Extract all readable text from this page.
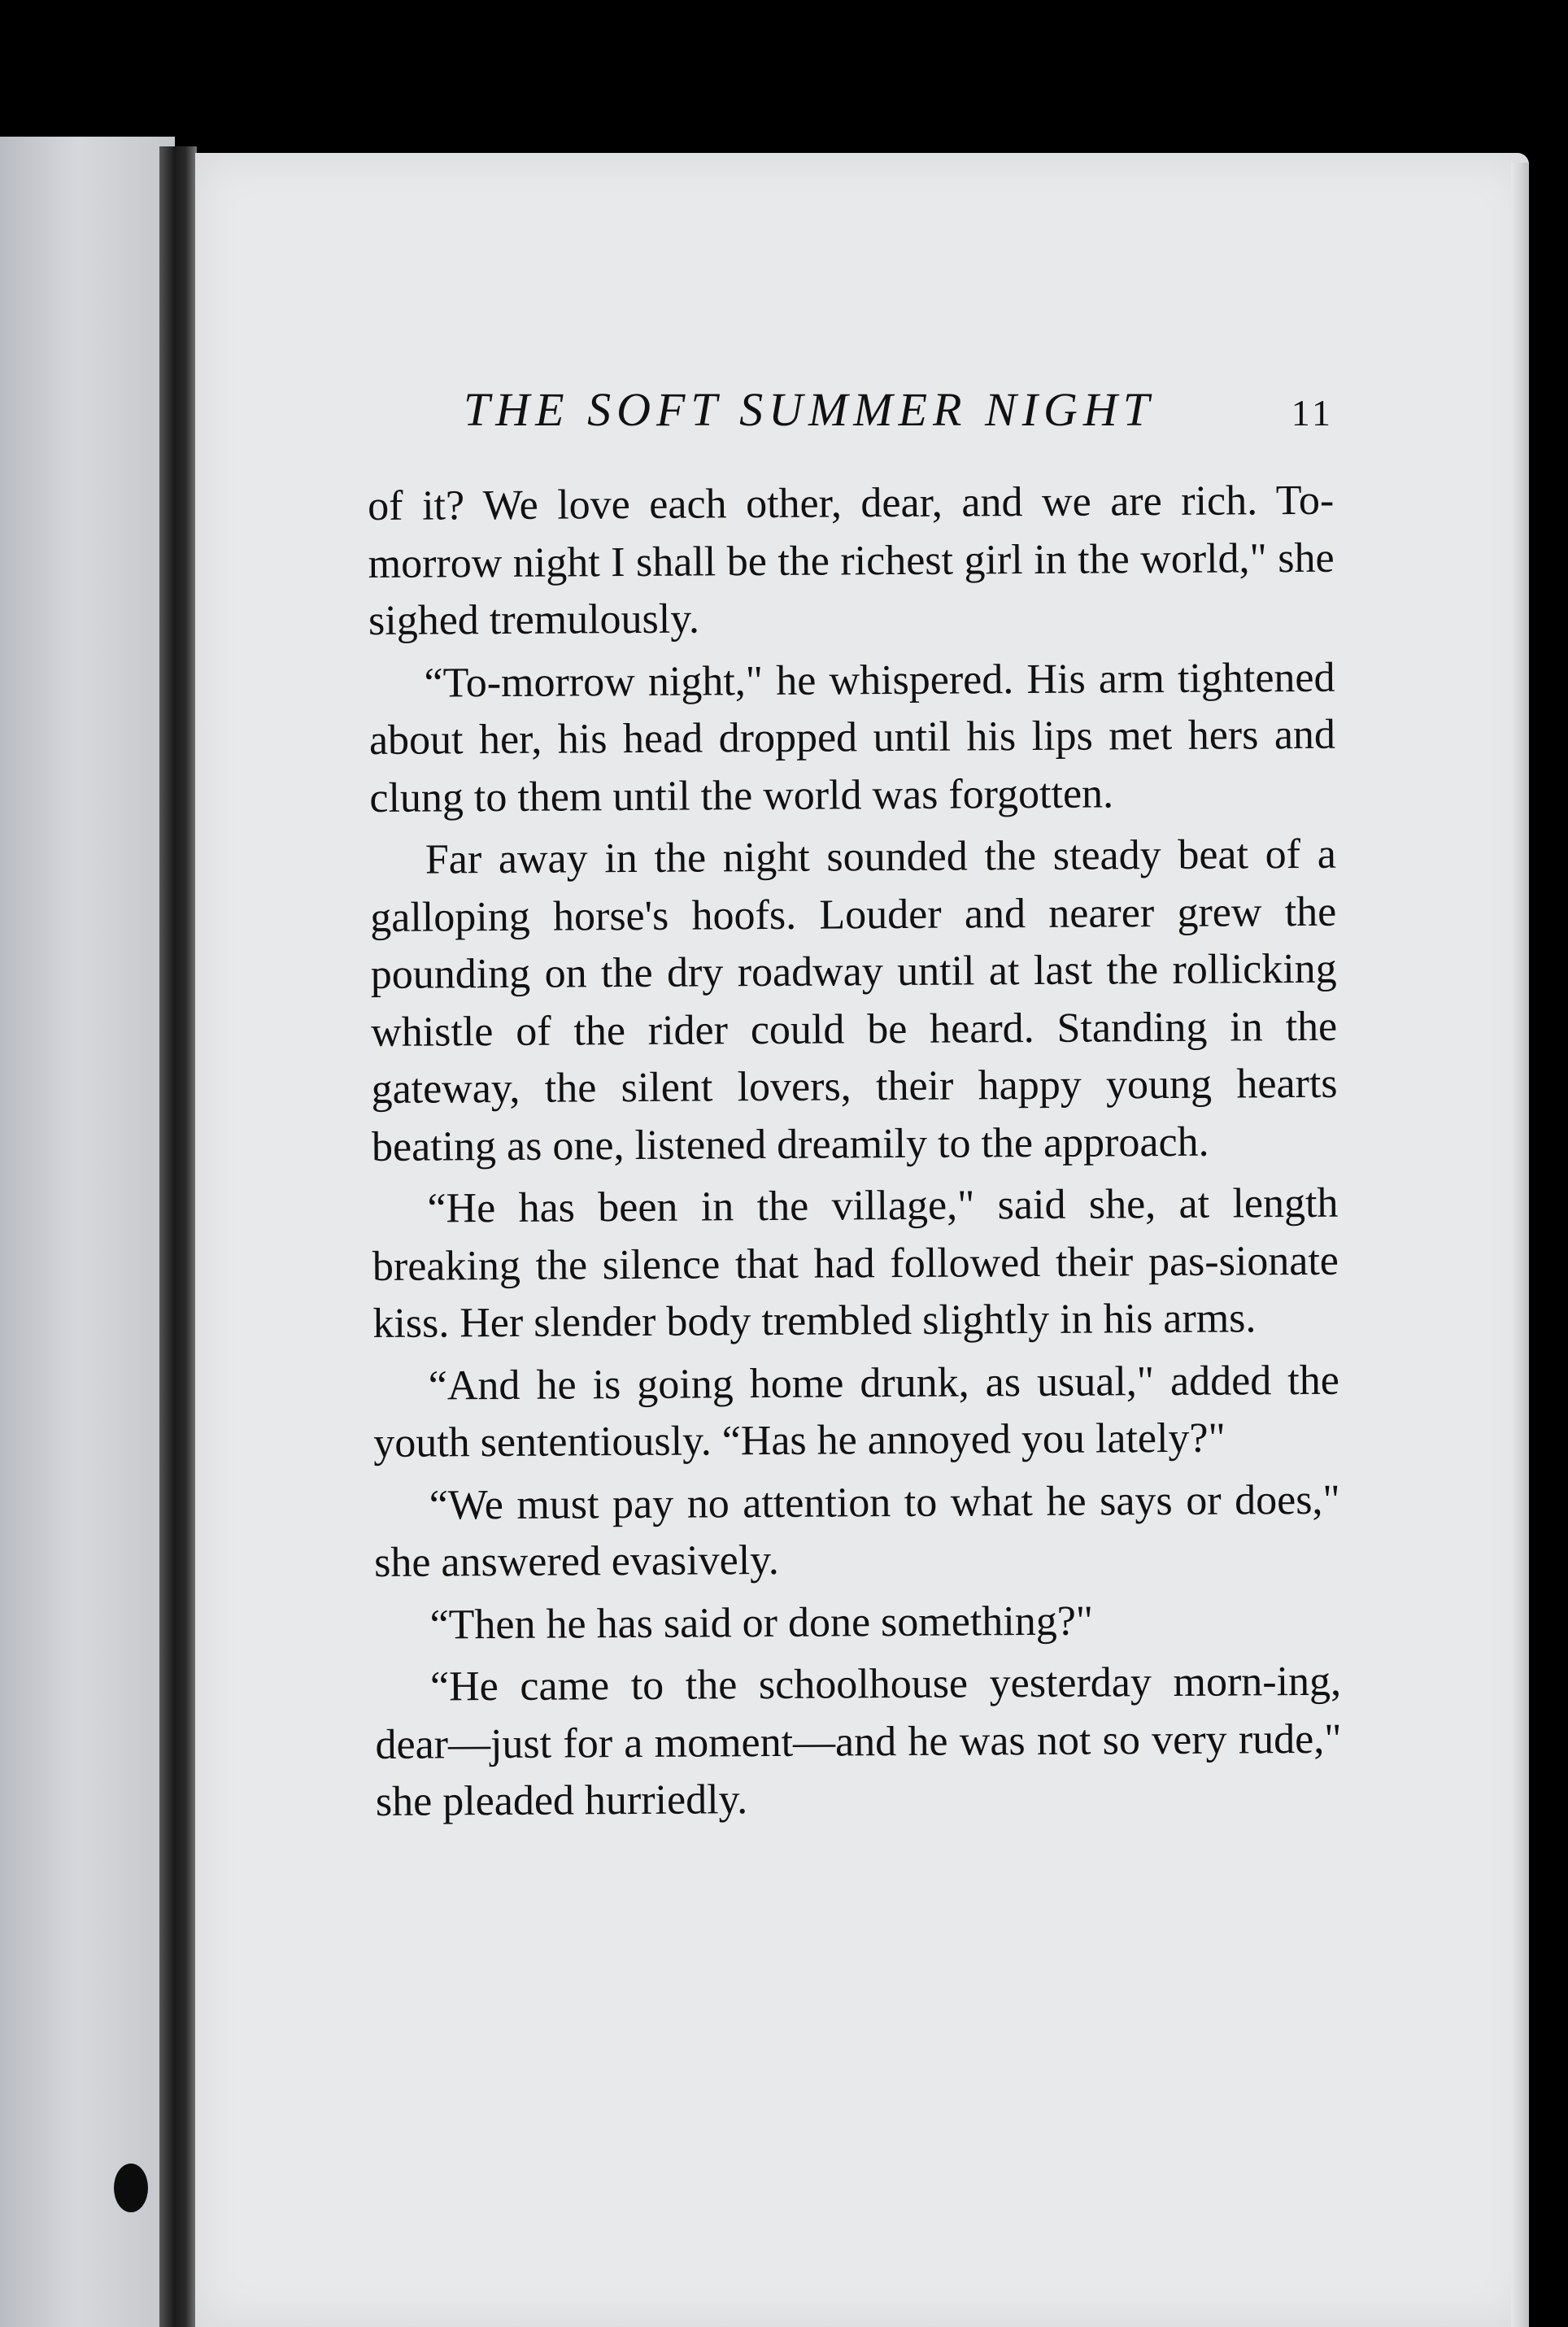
THE SOFT SUMMER NIGHT	11

of it? We love each other, dear, and we are rich. To-morrow night I shall be the richest girl in the world," she sighed tremulously.

“To-morrow night," he whispered. His arm tightened about her, his head dropped until his lips met hers and clung to them until the world was forgotten.

Far away in the night sounded the steady beat of a galloping horse's hoofs. Louder and nearer grew the pounding on the dry roadway until at last the rollicking whistle of the rider could be heard. Standing in the gateway, the silent lovers, their happy young hearts beating as one, listened dreamily to the approach.

“He has been in the village," said she, at length breaking the silence that had followed their pas-sionate kiss. Her slender body trembled slightly in his arms.

“And he is going home drunk, as usual," added the youth sententiously. “Has he annoyed you lately?"

“We must pay no attention to what he says or does," she answered evasively.

“Then he has said or done something?"

“He came to the schoolhouse yesterday morn-ing, dear—just for a moment—and he was not so very rude," she pleaded hurriedly.
